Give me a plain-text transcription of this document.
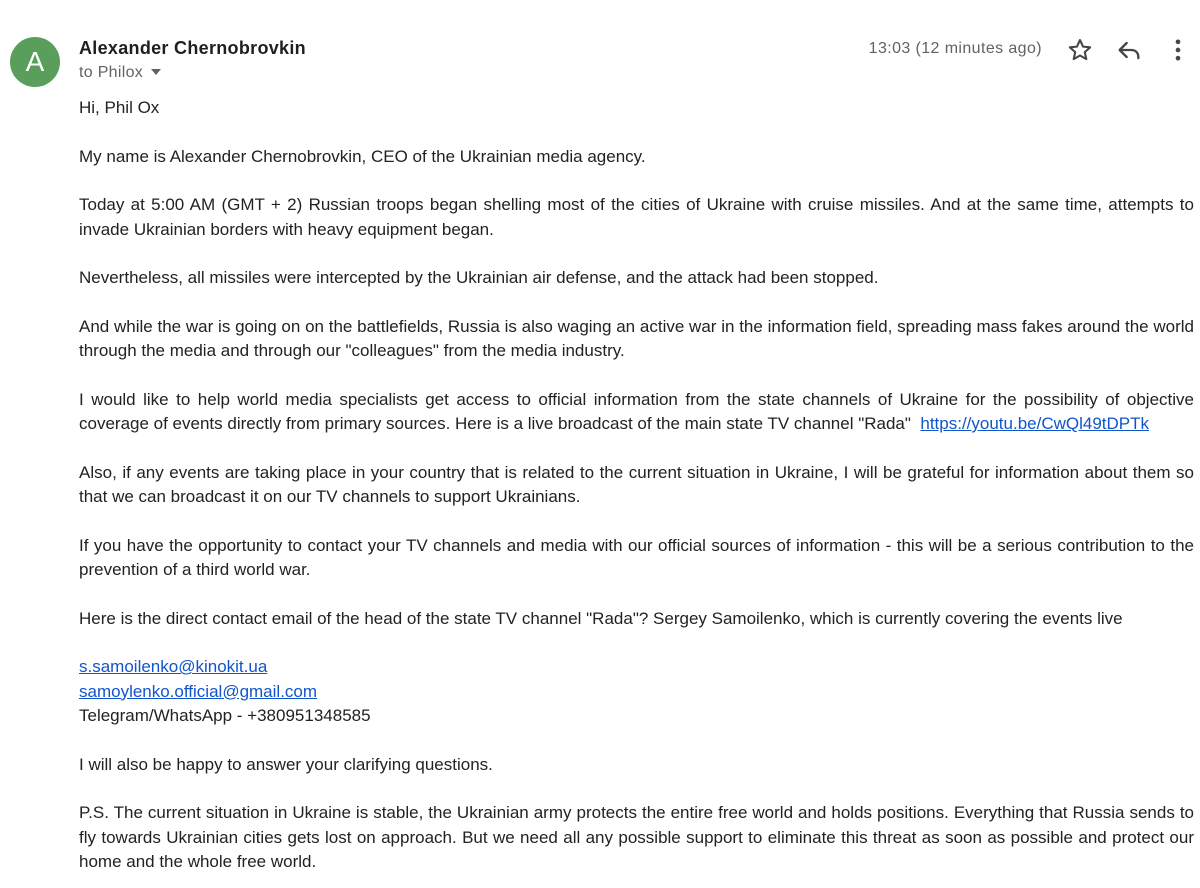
A	Alexander Chernobrovkin
to Philox
13:03 (12 minutes ago)

Hi, Phil Ox

My name is Alexander Chernobrovkin, CEO of the Ukrainian media agency.

Today at 5:00 AM (GMT + 2) Russian troops began shelling most of the cities of Ukraine with cruise missiles. And at the same time, attempts to invade Ukrainian borders with heavy equipment began.

Nevertheless, all missiles were intercepted by the Ukrainian air defense, and the attack had been stopped.

And while the war is going on on the battlefields, Russia is also waging an active war in the information field, spreading mass fakes around the world through the media and through our "colleagues" from the media industry.

I would like to help world media specialists get access to official information from the state channels of Ukraine for the possibility of objective coverage of events directly from primary sources. Here is a live broadcast of the main state TV channel "Rada"  https://youtu.be/CwQl49tDPTk

Also, if any events are taking place in your country that is related to the current situation in Ukraine, I will be grateful for information about them so that we can broadcast it on our TV channels to support Ukrainians.

If you have the opportunity to contact your TV channels and media with our official sources of information - this will be a serious contribution to the prevention of a third world war.

Here is the direct contact email of the head of the state TV channel "Rada"? Sergey Samoilenko, which is currently covering the events live

s.samoilenko@kinokit.ua
samoylenko.official@gmail.com
Telegram/WhatsApp - +380951348585

I will also be happy to answer your clarifying questions.

P.S. The current situation in Ukraine is stable, the Ukrainian army protects the entire free world and holds positions. Everything that Russia sends to fly towards Ukrainian cities gets lost on approach. But we need all any possible support to eliminate this threat as soon as possible and protect our home and the whole free world.
